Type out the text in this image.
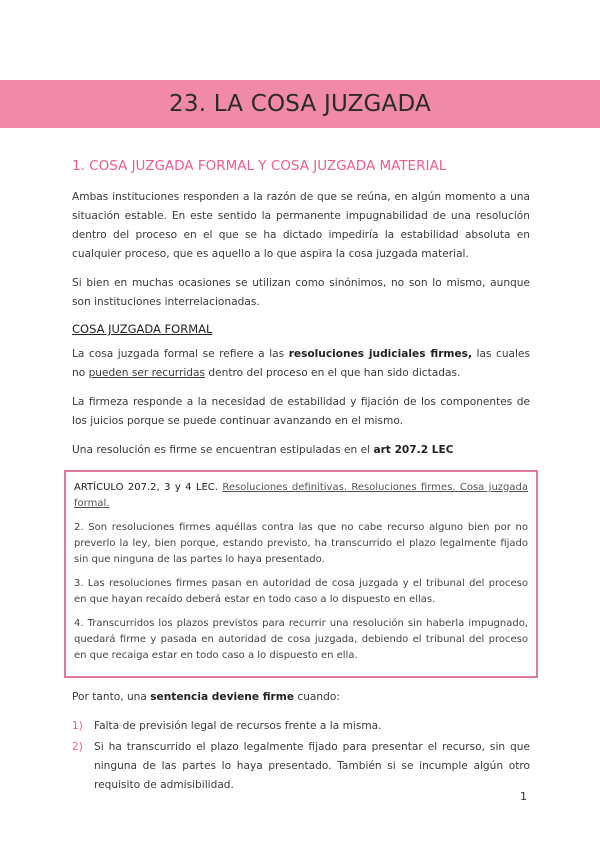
23. LA COSA JUZGADA
1. COSA JUZGADA FORMAL Y COSA JUZGADA MATERIAL

Ambas instituciones responden a la razón de que se reúna, en algún momento a una situación estable. En este sentido la permanente impugnabilidad de una resolución dentro del proceso en el que se ha dictado impediría la estabilidad absoluta en cualquier proceso, que es aquello a lo que aspira la cosa juzgada material.

Si bien en muchas ocasiones se utilizan como sinónimos, no son lo mismo, aunque son instituciones interrelacionadas.

COSA JUZGADA FORMAL

La cosa juzgada formal se refiere a las resoluciones judiciales firmes, las cuales no pueden ser recurridas dentro del proceso en el que han sido dictadas.

La firmeza responde a la necesidad de estabilidad y fijación de los componentes de los juicios porque se puede continuar avanzando en el mismo.

Una resolución es firme se encuentran estipuladas en el art 207.2 LEC

ARTÍCULO 207.2, 3 y 4 LEC. Resoluciones definitivas. Resoluciones firmes. Cosa juzgada formal.

2. Son resoluciones firmes aquéllas contra las que no cabe recurso alguno bien por no preverlo la ley, bien porque, estando previsto, ha transcurrido el plazo legalmente fijado sin que ninguna de las partes lo haya presentado.

3. Las resoluciones firmes pasan en autoridad de cosa juzgada y el tribunal del proceso en que hayan recaído deberá estar en todo caso a lo dispuesto en ellas.

4. Transcurridos los plazos previstos para recurrir una resolución sin haberla impugnado, quedará firme y pasada en autoridad de cosa juzgada, debiendo el tribunal del proceso en que recaiga estar en todo caso a lo dispuesto en ella.

Por tanto, una sentencia deviene firme cuando:

1) Falta de previsión legal de recursos frente a la misma.
2) Si ha transcurrido el plazo legalmente fijado para presentar el recurso, sin que ninguna de las partes lo haya presentado. También si se incumple algún otro requisito de admisibilidad.
1
